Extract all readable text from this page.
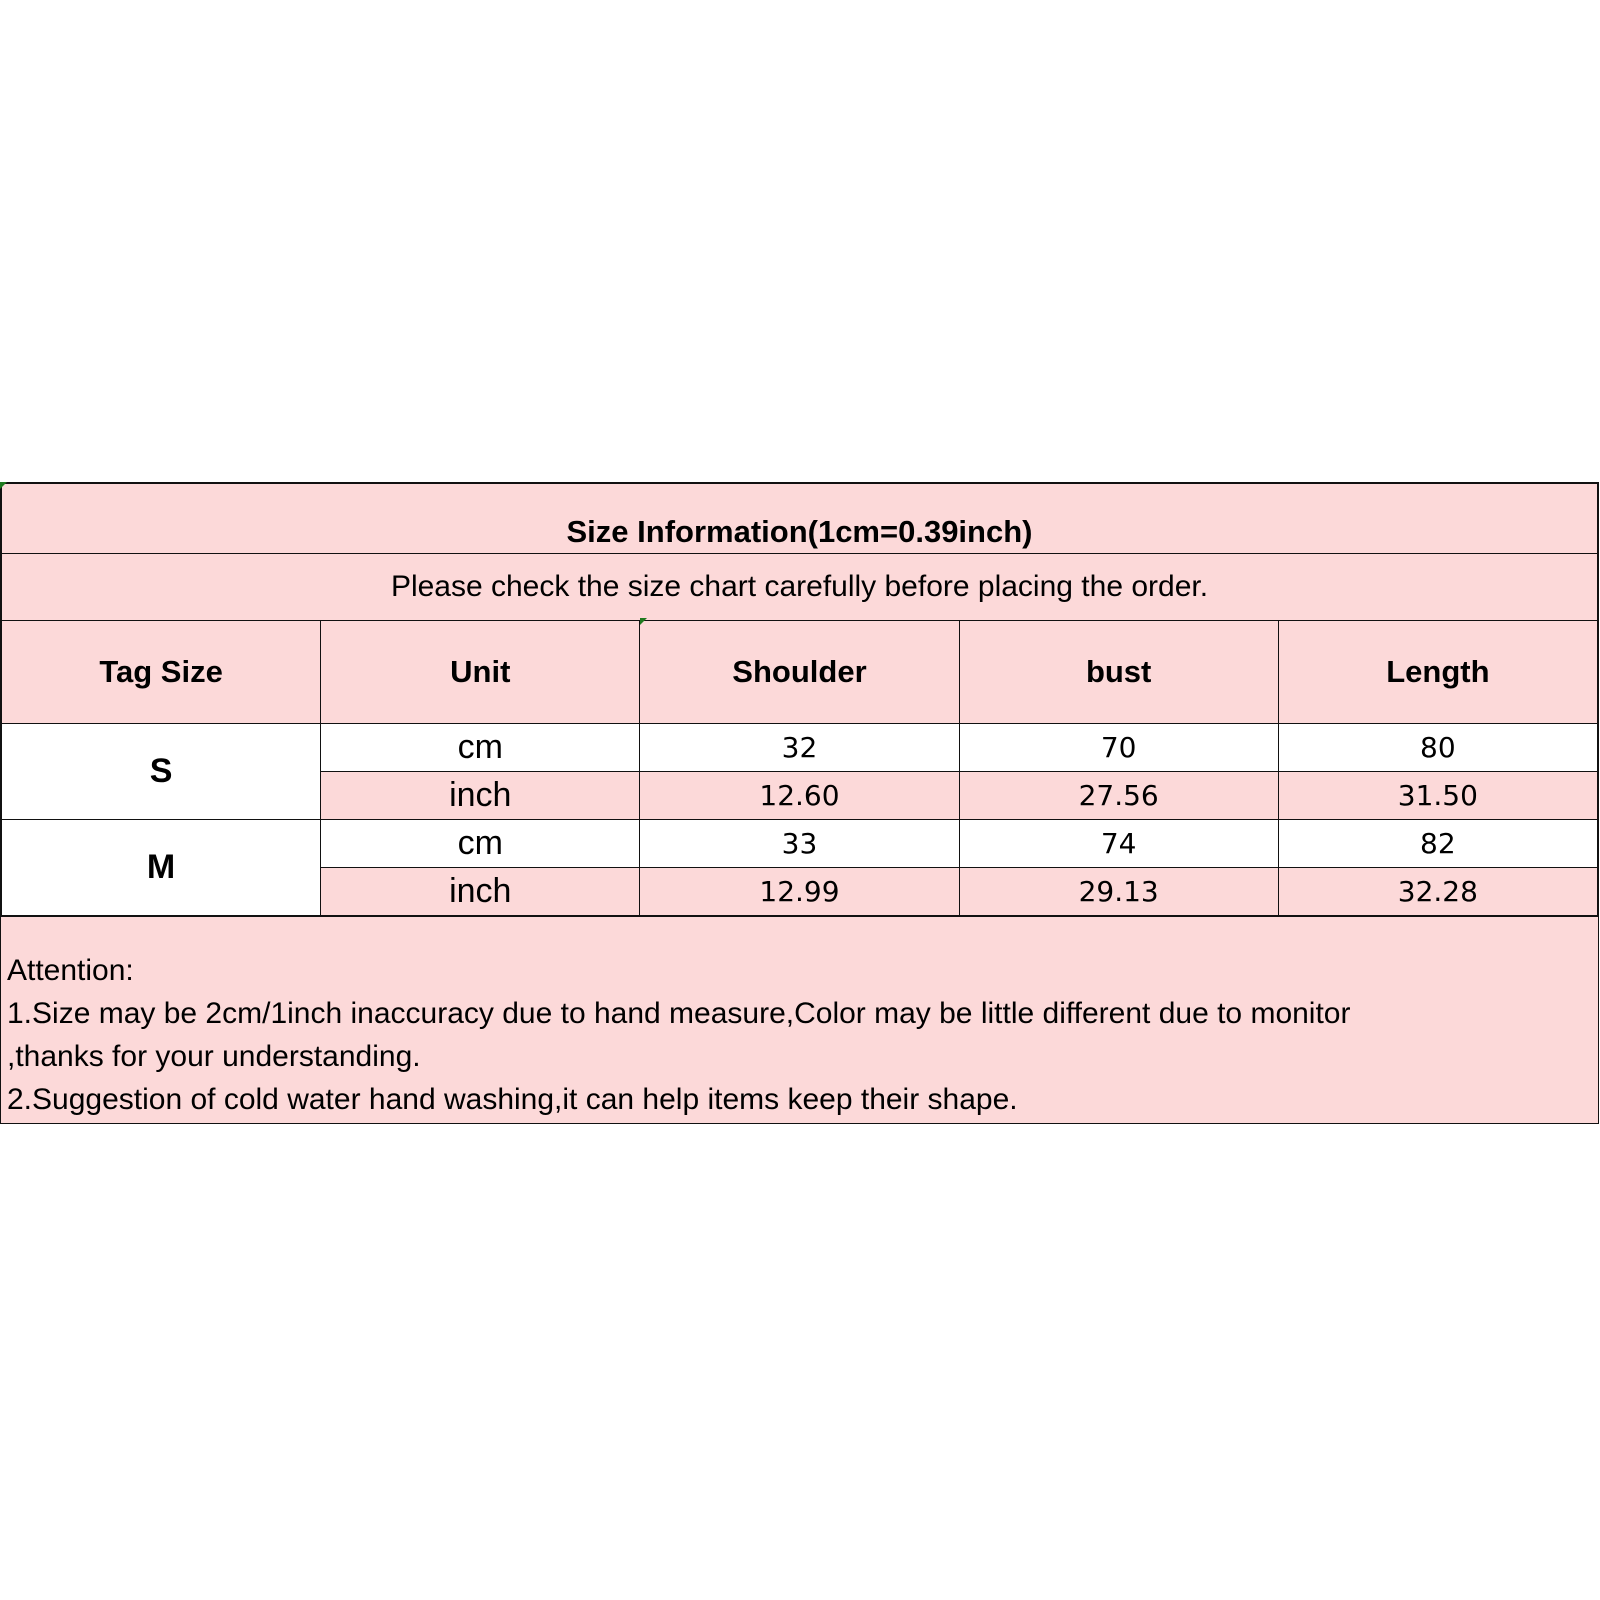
Size Information(1cm=0.39inch)				
Please check the size chart carefully before placing the order.				
Tag Size	Unit	Shoulder	bust	Length
S	cm	32	70	80
	inch	12.60	27.56	31.50
M	cm	33	74	82
	inch	12.99	29.13	32.28
Attention:
1.Size may be 2cm/1inch inaccuracy due to hand measure,Color may be little different due to monitor
,thanks for your understanding.
2.Suggestion of cold water hand washing,it can help items keep their shape.
